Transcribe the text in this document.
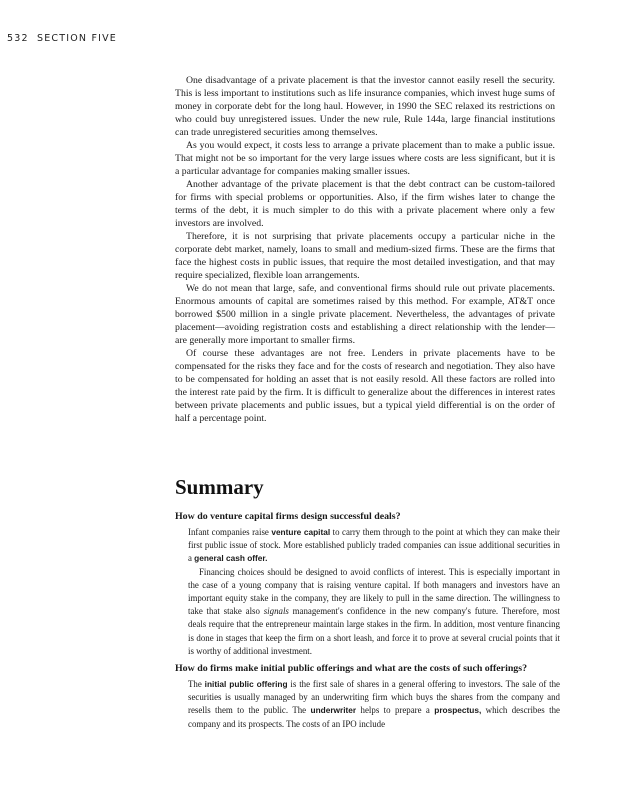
532 SECTION FIVE

One disadvantage of a private placement is that the investor cannot easily resell the security. This is less important to institutions such as life insurance companies, which invest huge sums of money in corporate debt for the long haul. However, in 1990 the SEC relaxed its restrictions on who could buy unregistered issues. Under the new rule, Rule 144a, large financial institutions can trade unregistered securities among themselves.

As you would expect, it costs less to arrange a private placement than to make a public issue. That might not be so important for the very large issues where costs are less significant, but it is a particular advantage for companies making smaller issues.

Another advantage of the private placement is that the debt contract can be custom-tailored for firms with special problems or opportunities. Also, if the firm wishes later to change the terms of the debt, it is much simpler to do this with a private placement where only a few investors are involved.

Therefore, it is not surprising that private placements occupy a particular niche in the corporate debt market, namely, loans to small and medium-sized firms. These are the firms that face the highest costs in public issues, that require the most detailed investigation, and that may require specialized, flexible loan arrangements.

We do not mean that large, safe, and conventional firms should rule out private placements. Enormous amounts of capital are sometimes raised by this method. For example, AT&T once borrowed $500 million in a single private placement. Nevertheless, the advantages of private placement—avoiding registration costs and establishing a direct relationship with the lender—are generally more important to smaller firms.

Of course these advantages are not free. Lenders in private placements have to be compensated for the risks they face and for the costs of research and negotiation. They also have to be compensated for holding an asset that is not easily resold. All these factors are rolled into the interest rate paid by the firm. It is difficult to generalize about the differences in interest rates between private placements and public issues, but a typical yield differential is on the order of half a percentage point.

Summary
How do venture capital firms design successful deals?

Infant companies raise venture capital to carry them through to the point at which they can make their first public issue of stock. More established publicly traded companies can issue additional securities in a general cash offer.

Financing choices should be designed to avoid conflicts of interest. This is especially important in the case of a young company that is raising venture capital. If both managers and investors have an important equity stake in the company, they are likely to pull in the same direction. The willingness to take that stake also signals management's confidence in the new company's future. Therefore, most deals require that the entrepreneur maintain large stakes in the firm. In addition, most venture financing is done in stages that keep the firm on a short leash, and force it to prove at several crucial points that it is worthy of additional investment.

How do firms make initial public offerings and what are the costs of such offerings?

The initial public offering is the first sale of shares in a general offering to investors. The sale of the securities is usually managed by an underwriting firm which buys the shares from the company and resells them to the public. The underwriter helps to prepare a prospectus, which describes the company and its prospects. The costs of an IPO include
